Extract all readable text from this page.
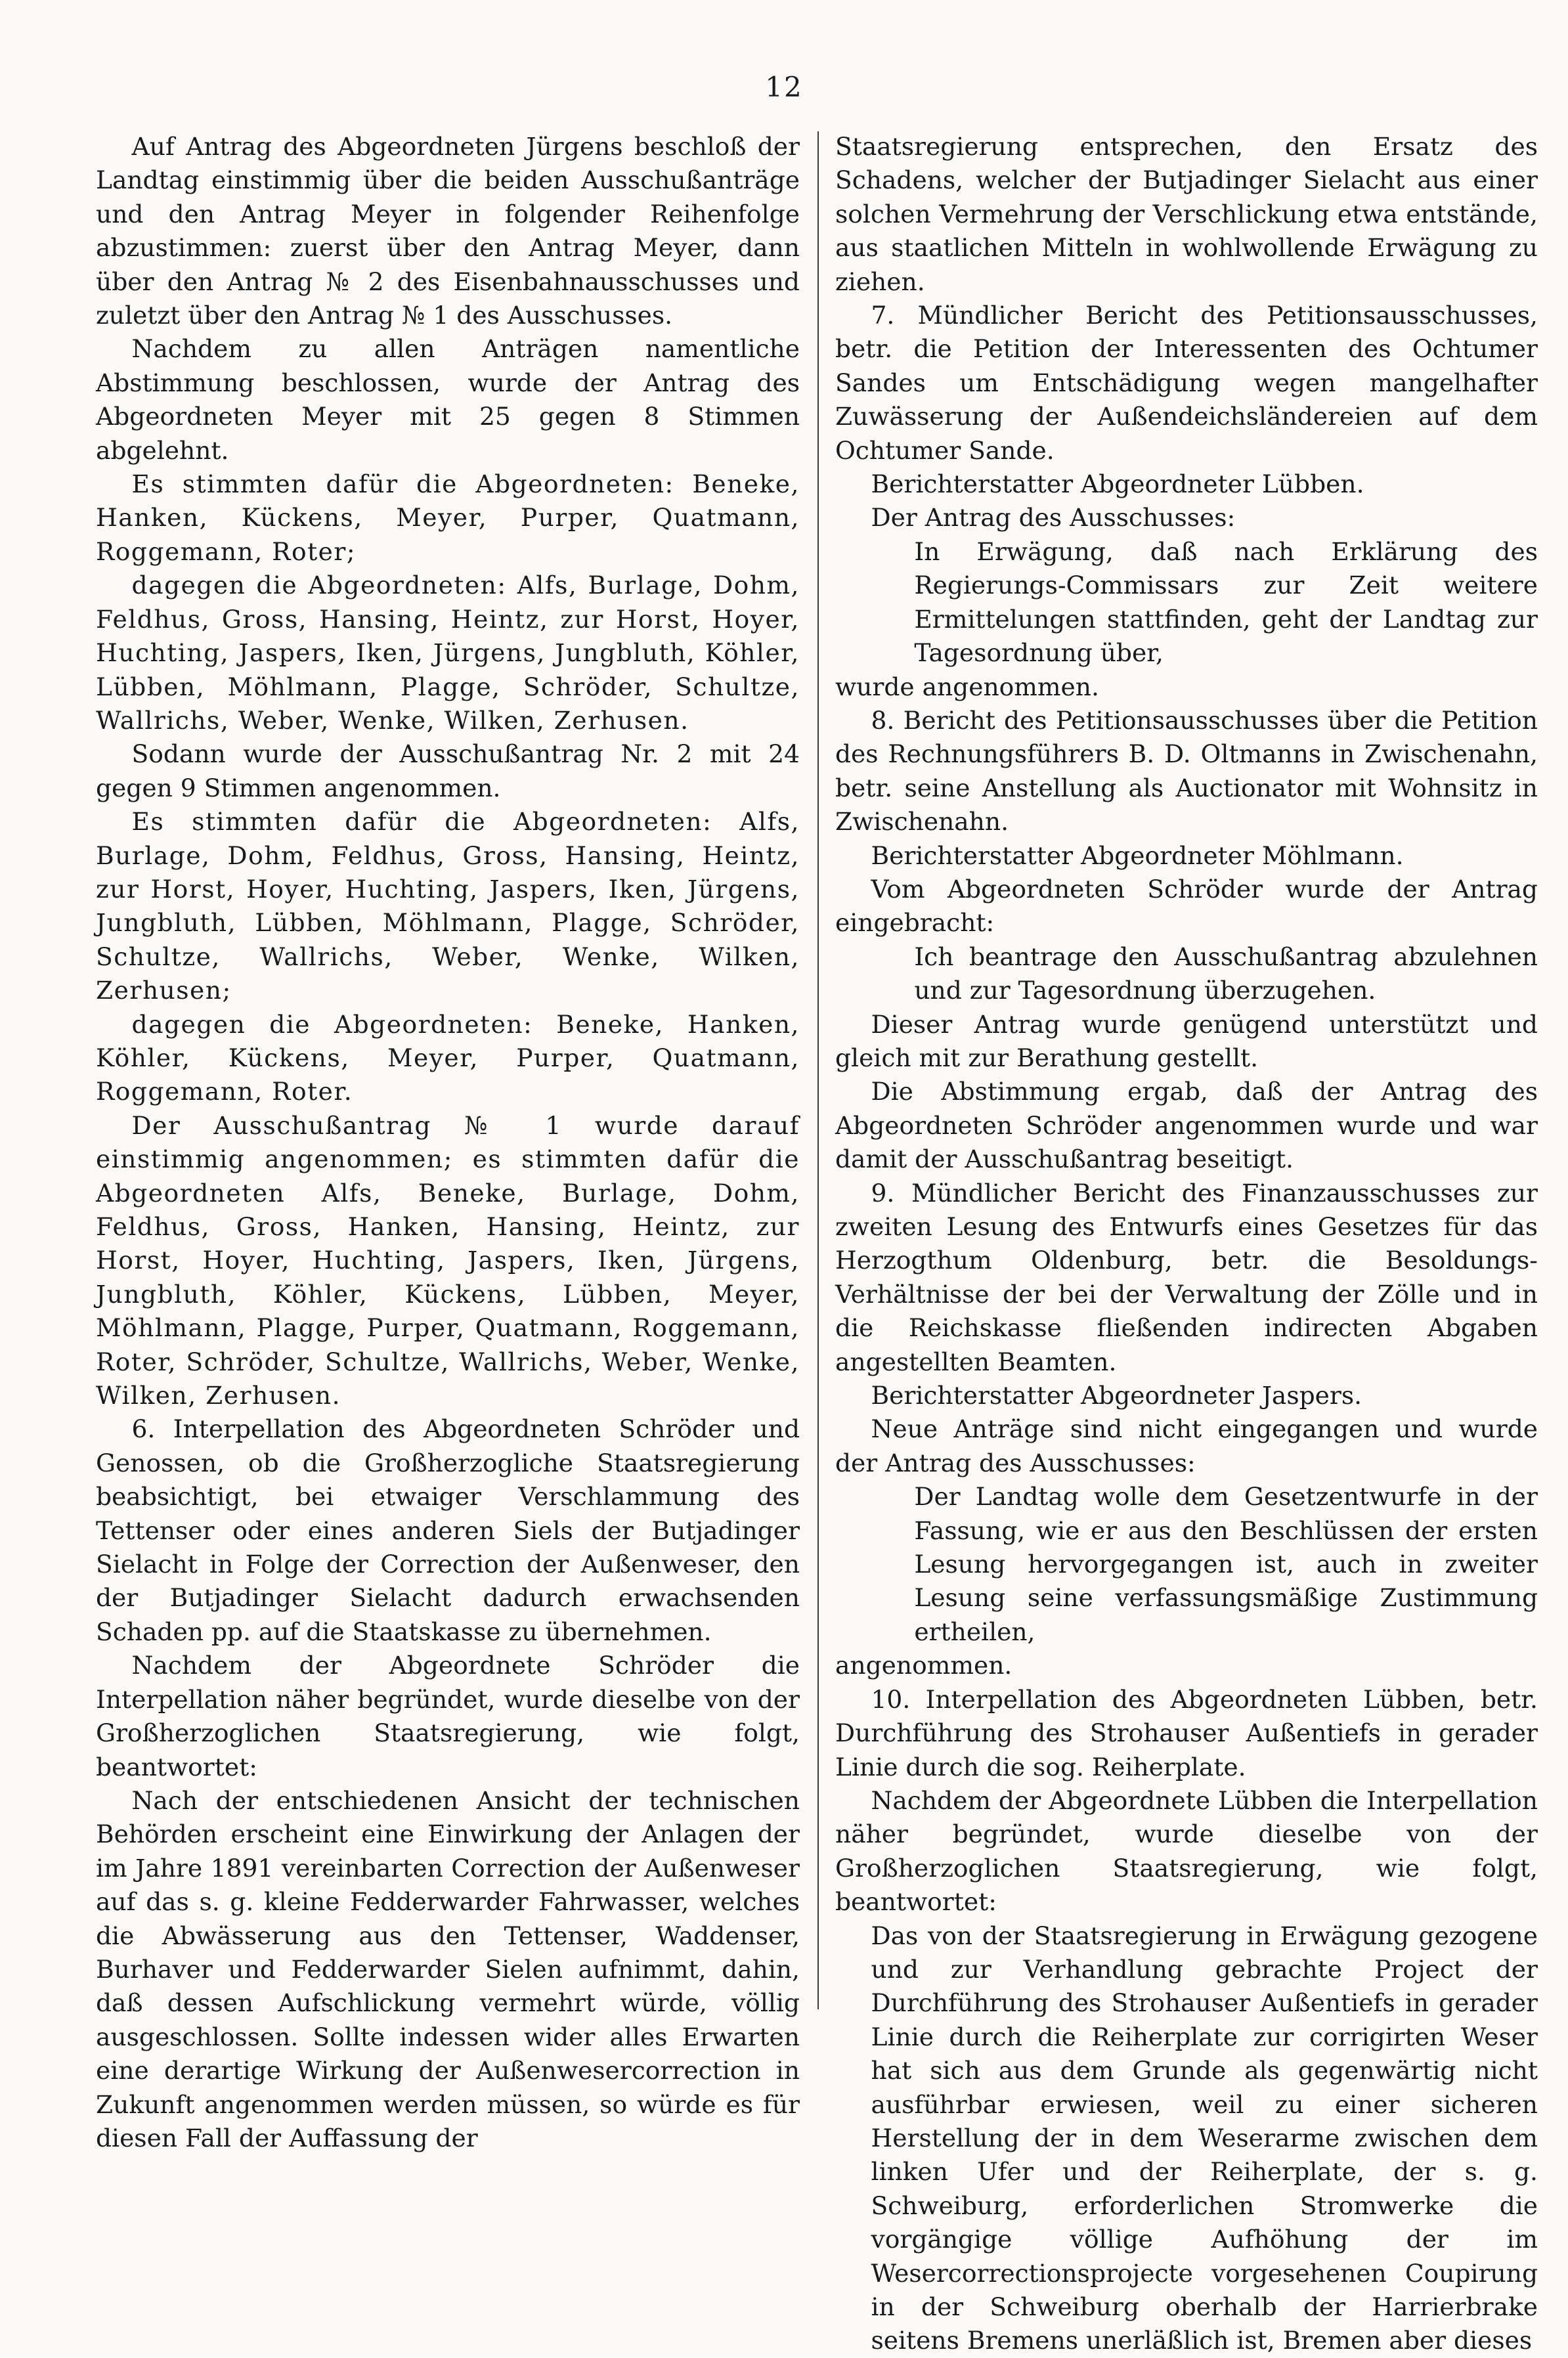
12

Auf Antrag des Abgeordneten Jürgens beschloß der Landtag einstimmig über die beiden Ausschußanträge und den Antrag Meyer in folgender Reihenfolge abzustimmen: zuerst über den Antrag Meyer, dann über den Antrag № 2 des Eisenbahnausschusses und zuletzt über den Antrag № 1 des Ausschusses.

Nachdem zu allen Anträgen namentliche Abstimmung beschlossen, wurde der Antrag des Abgeordneten Meyer mit 25 gegen 8 Stimmen abgelehnt.

Es stimmten dafür die Abgeordneten: Beneke, Hanken, Kückens, Meyer, Purper, Quatmann, Roggemann, Roter;

dagegen die Abgeordneten: Alfs, Burlage, Dohm, Feldhus, Gross, Hansing, Heintz, zur Horst, Hoyer, Huchting, Jaspers, Iken, Jürgens, Jungbluth, Köhler, Lübben, Möhlmann, Plagge, Schröder, Schultze, Wallrichs, Weber, Wenke, Wilken, Zerhusen.

Sodann wurde der Ausschußantrag Nr. 2 mit 24 gegen 9 Stimmen angenommen.

Es stimmten dafür die Abgeordneten: Alfs, Burlage, Dohm, Feldhus, Gross, Hansing, Heintz, zur Horst, Hoyer, Huchting, Jaspers, Iken, Jürgens, Jungbluth, Lübben, Möhlmann, Plagge, Schröder, Schultze, Wallrichs, Weber, Wenke, Wilken, Zerhusen;

dagegen die Abgeordneten: Beneke, Hanken, Köhler, Kückens, Meyer, Purper, Quatmann, Roggemann, Roter.

Der Ausschußantrag № 1 wurde darauf einstimmig angenommen; es stimmten dafür die Abgeordneten Alfs, Beneke, Burlage, Dohm, Feldhus, Gross, Hanken, Hansing, Heintz, zur Horst, Hoyer, Huchting, Jaspers, Iken, Jürgens, Jungbluth, Köhler, Kückens, Lübben, Meyer, Möhlmann, Plagge, Purper, Quatmann, Roggemann, Roter, Schröder, Schultze, Wallrichs, Weber, Wenke, Wilken, Zerhusen.

6. Interpellation des Abgeordneten Schröder und Genossen, ob die Großherzogliche Staatsregierung beabsichtigt, bei etwaiger Verschlammung des Tettenser oder eines anderen Siels der Butjadinger Sielacht in Folge der Correction der Außenweser, den der Butjadinger Sielacht dadurch erwachsenden Schaden pp. auf die Staatskasse zu übernehmen.

Nachdem der Abgeordnete Schröder die Interpellation näher begründet, wurde dieselbe von der Großherzoglichen Staatsregierung, wie folgt, beantwortet:

Nach der entschiedenen Ansicht der technischen Behörden erscheint eine Einwirkung der Anlagen der im Jahre 1891 vereinbarten Correction der Außenweser auf das s. g. kleine Fedderwarder Fahrwasser, welches die Abwässerung aus den Tettenser, Waddenser, Burhaver und Fedderwarder Sielen aufnimmt, dahin, daß dessen Aufschlickung vermehrt würde, völlig ausgeschlossen. Sollte indessen wider alles Erwarten eine derartige Wirkung der Außenwesercorrection in Zukunft angenommen werden müssen, so würde es für diesen Fall der Auffassung der

Staatsregierung entsprechen, den Ersatz des Schadens, welcher der Butjadinger Sielacht aus einer solchen Vermehrung der Verschlickung etwa entstände, aus staatlichen Mitteln in wohlwollende Erwägung zu ziehen.

7. Mündlicher Bericht des Petitionsausschusses, betr. die Petition der Interessenten des Ochtumer Sandes um Entschädigung wegen mangelhafter Zuwässerung der Außendeichsländereien auf dem Ochtumer Sande.

Berichterstatter Abgeordneter Lübben.

Der Antrag des Ausschusses:

In Erwägung, daß nach Erklärung des Regierungs-Commissars zur Zeit weitere Ermittelungen stattfinden, geht der Landtag zur Tagesordnung über,

wurde angenommen.

8. Bericht des Petitionsausschusses über die Petition des Rechnungsführers B. D. Oltmanns in Zwischenahn, betr. seine Anstellung als Auctionator mit Wohnsitz in Zwischenahn.

Berichterstatter Abgeordneter Möhlmann.

Vom Abgeordneten Schröder wurde der Antrag eingebracht:

Ich beantrage den Ausschußantrag abzulehnen und zur Tagesordnung überzugehen.

Dieser Antrag wurde genügend unterstützt und gleich mit zur Berathung gestellt.

Die Abstimmung ergab, daß der Antrag des Abgeordneten Schröder angenommen wurde und war damit der Ausschußantrag beseitigt.

9. Mündlicher Bericht des Finanzausschusses zur zweiten Lesung des Entwurfs eines Gesetzes für das Herzogthum Oldenburg, betr. die Besoldungs-Verhältnisse der bei der Verwaltung der Zölle und in die Reichskasse fließenden indirecten Abgaben angestellten Beamten.

Berichterstatter Abgeordneter Jaspers.

Neue Anträge sind nicht eingegangen und wurde der Antrag des Ausschusses:

Der Landtag wolle dem Gesetzentwurfe in der Fassung, wie er aus den Beschlüssen der ersten Lesung hervorgegangen ist, auch in zweiter Lesung seine verfassungsmäßige Zustimmung ertheilen,

angenommen.

10. Interpellation des Abgeordneten Lübben, betr. Durchführung des Strohauser Außentiefs in gerader Linie durch die sog. Reiherplate.

Nachdem der Abgeordnete Lübben die Interpellation näher begründet, wurde dieselbe von der Großherzoglichen Staatsregierung, wie folgt, beantwortet:

Das von der Staatsregierung in Erwägung gezogene und zur Verhandlung gebrachte Project der Durchführung des Strohauser Außentiefs in gerader Linie durch die Reiherplate zur corrigirten Weser hat sich aus dem Grunde als gegenwärtig nicht ausführbar erwiesen, weil zu einer sicheren Herstellung der in dem Weserarme zwischen dem linken Ufer und der Reiherplate, der s. g. Schweiburg, erforderlichen Stromwerke die vorgängige völlige Aufhöhung der im Wesercorrectionsprojecte vorgesehenen Coupirung in der Schweiburg oberhalb der Harrierbrake seitens Bremens unerläßlich ist, Bremen aber dieses
